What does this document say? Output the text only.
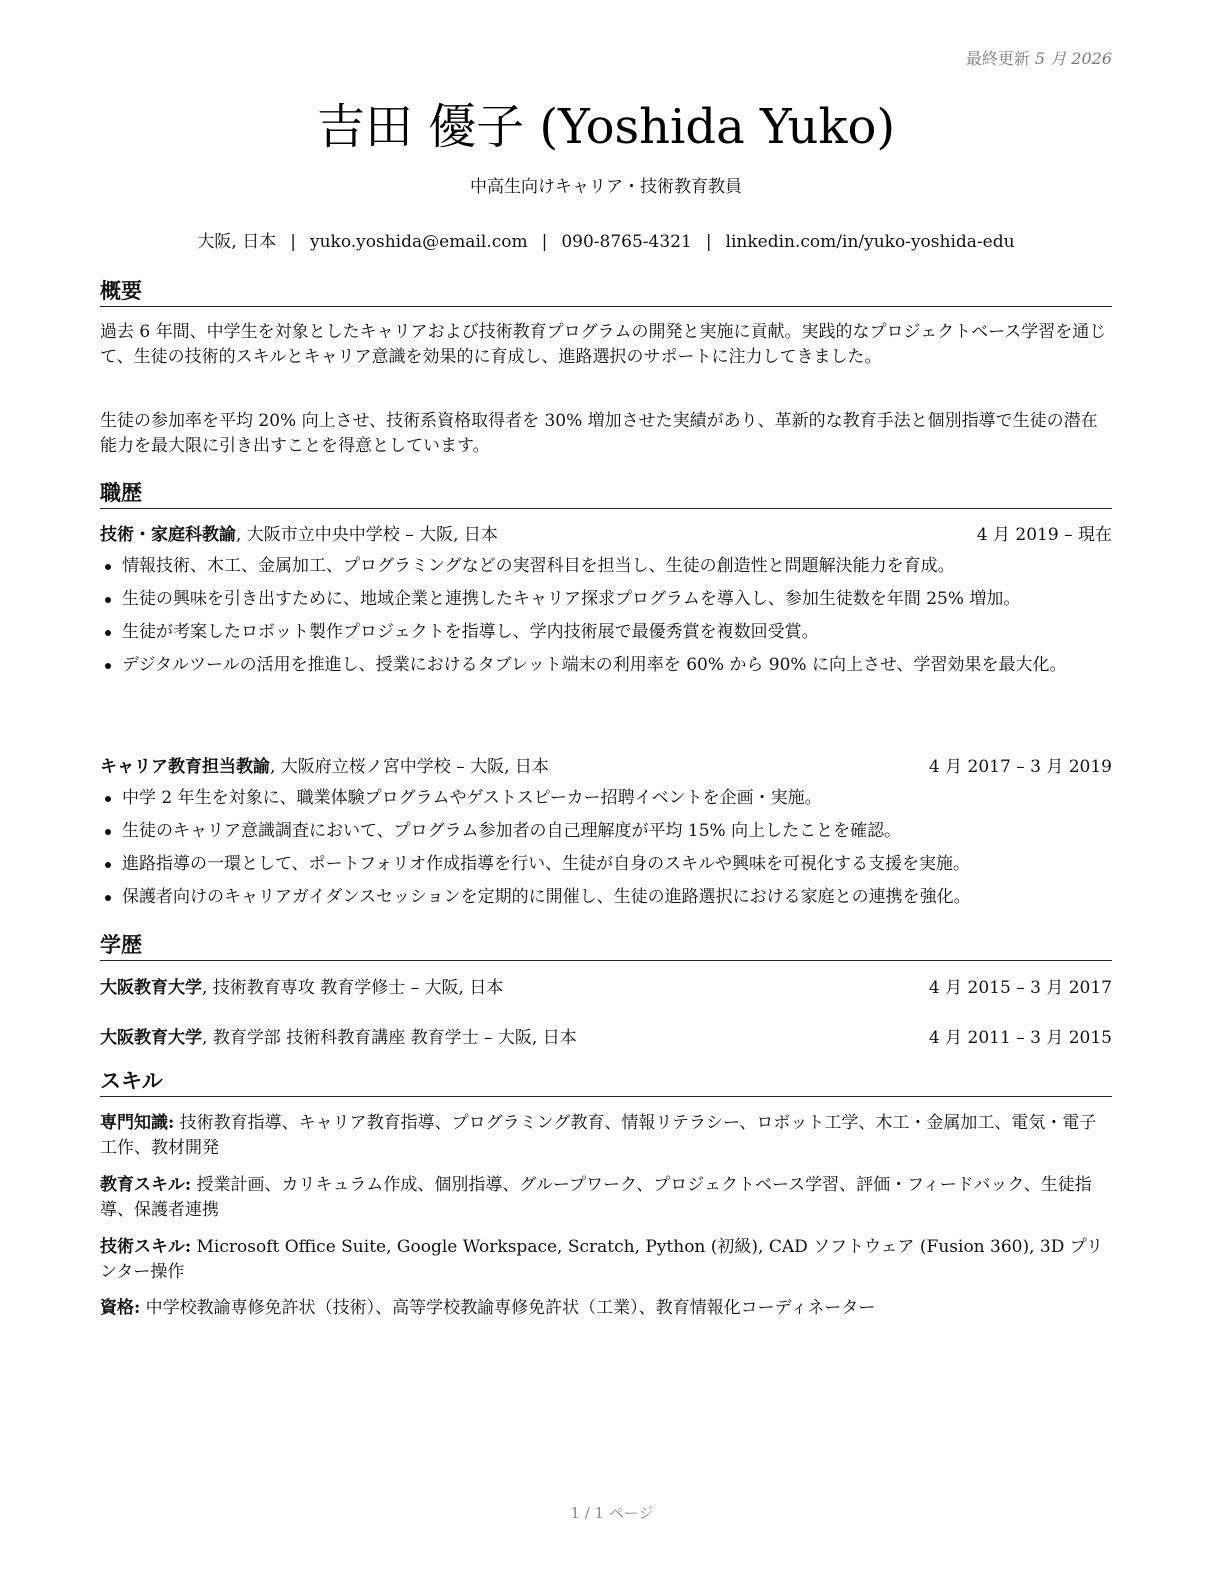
最終更新 5 月 2026
吉田 優子 (Yoshida Yuko)
中高生向けキャリア・技術教育教員
大阪, 日本 | yuko.yoshida@email.com | 090-8765-4321 | linkedin.com/in/yuko-yoshida-edu
概要

過去 6 年間、中学生を対象としたキャリアおよび技術教育プログラムの開発と実施に貢献。実践的なプロジェクトベース学習を通じて、生徒の技術的スキルとキャリア意識を効果的に育成し、進路選択のサポートに注力してきました。

生徒の参加率を平均 20% 向上させ、技術系資格取得者を 30% 増加させた実績があり、革新的な教育手法と個別指導で生徒の潜在能力を最大限に引き出すことを得意としています。

職歴
技術・家庭科教諭, 大阪市立中央中学校 – 大阪, 日本	4 月 2019 – 現在
情報技術、木工、金属加工、プログラミングなどの実習科目を担当し、生徒の創造性と問題解決能力を育成。
生徒の興味を引き出すために、地域企業と連携したキャリア探求プログラムを導入し、参加生徒数を年間 25% 増加。
生徒が考案したロボット製作プロジェクトを指導し、学内技術展で最優秀賞を複数回受賞。
デジタルツールの活用を推進し、授業におけるタブレット端末の利用率を 60% から 90% に向上させ、学習効果を最大化。
キャリア教育担当教諭, 大阪府立桜ノ宮中学校 – 大阪, 日本	4 月 2017 – 3 月 2019
中学 2 年生を対象に、職業体験プログラムやゲストスピーカー招聘イベントを企画・実施。
生徒のキャリア意識調査において、プログラム参加者の自己理解度が平均 15% 向上したことを確認。
進路指導の一環として、ポートフォリオ作成指導を行い、生徒が自身のスキルや興味を可視化する支援を実施。
保護者向けのキャリアガイダンスセッションを定期的に開催し、生徒の進路選択における家庭との連携を強化。
学歴
大阪教育大学, 技術教育専攻 教育学修士 – 大阪, 日本	4 月 2015 – 3 月 2017
大阪教育大学, 教育学部 技術科教育講座 教育学士 – 大阪, 日本	4 月 2011 – 3 月 2015
スキル
専門知識: 技術教育指導、キャリア教育指導、プログラミング教育、情報リテラシー、ロボット工学、木工・金属加工、電気・電子工作、教材開発
教育スキル: 授業計画、カリキュラム作成、個別指導、グループワーク、プロジェクトベース学習、評価・フィードバック、生徒指導、保護者連携
技術スキル: Microsoft Office Suite, Google Workspace, Scratch, Python (初級), CAD ソフトウェア (Fusion 360), 3D プリンター操作
資格: 中学校教諭専修免許状（技術）、高等学校教諭専修免許状（工業）、教育情報化コーディネーター
1 / 1 ページ
